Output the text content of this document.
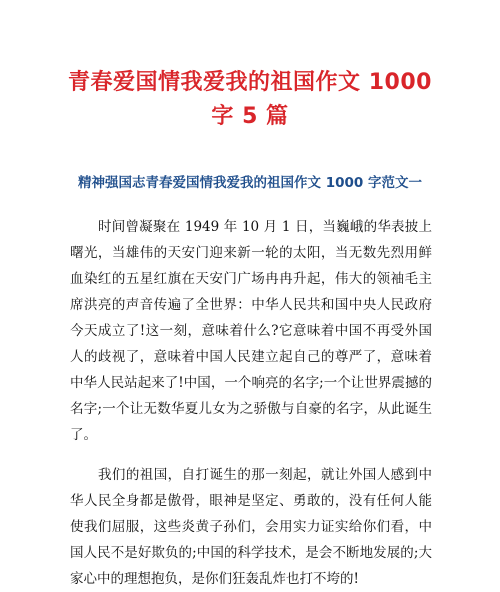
青春爱国情我爱我的祖国作文 1000
字 5 篇
精神强国志青春爱国情我爱我的祖国作文 1000 字范文一

时间曾凝聚在 1949 年 10 月 1 日，当巍峨的华表披上曙光，当雄伟的天安门迎来新一轮的太阳，当无数先烈用鲜血染红的五星红旗在天安门广场冉冉升起，伟大的领袖毛主席洪亮的声音传遍了全世界：中华人民共和国中央人民政府今天成立了!这一刻，意味着什么?它意味着中国不再受外国人的歧视了，意味着中国人民建立起自己的尊严了，意味着中华人民站起来了!中国，一个响亮的名字;一个让世界震撼的名字;一个让无数华夏儿女为之骄傲与自豪的名字，从此诞生了。

我们的祖国，自打诞生的那一刻起，就让外国人感到中华人民全身都是傲骨，眼神是坚定、勇敢的，没有任何人能使我们屈服，这些炎黄子孙们，会用实力证实给你们看，中国人民不是好欺负的;中国的科学技术，是会不断地发展的;大家心中的理想抱负，是你们狂轰乱炸也打不垮的!
